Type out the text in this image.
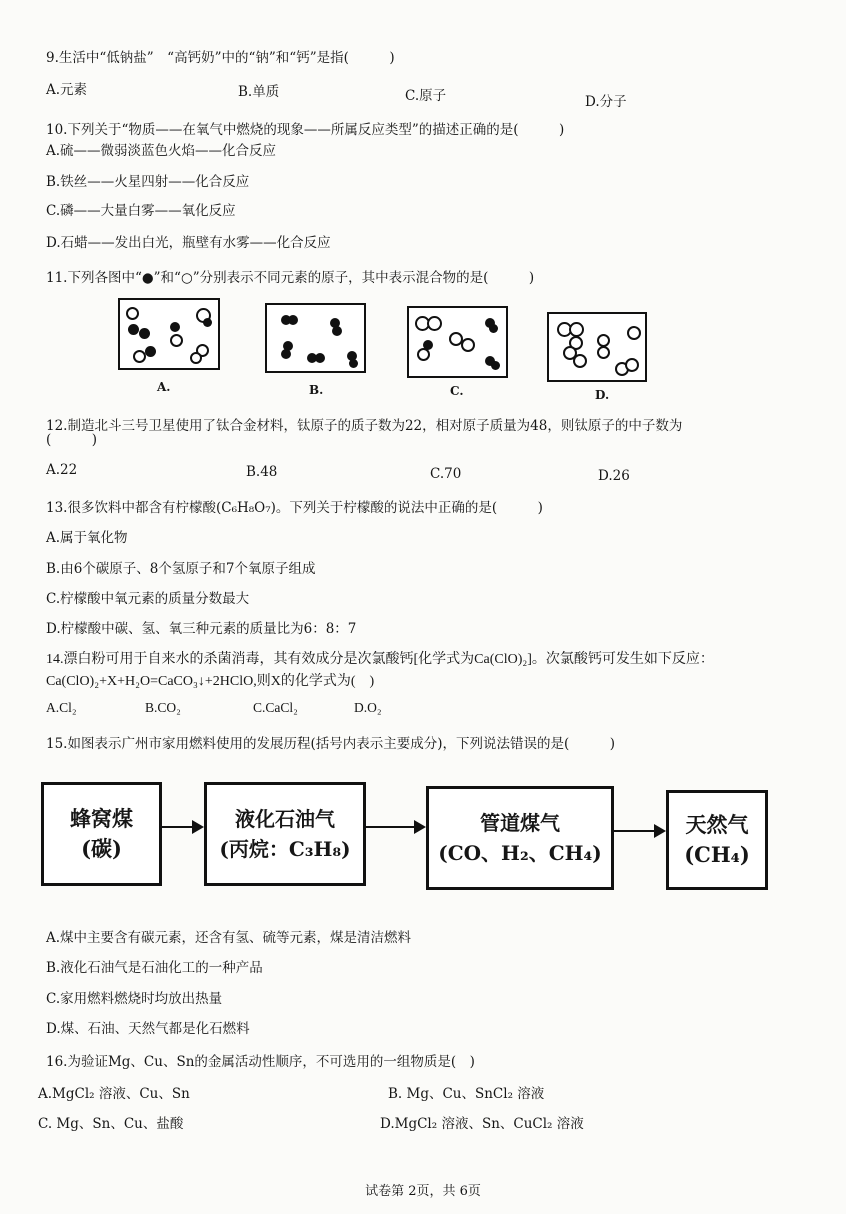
9.生活中“低钠盐”　“高钙奶”中的“钠”和“钙”是指(　　　)
A.元素	B.单质	C.原子	D.分子
10.下列关于“物质——在氧气中燃烧的现象——所属反应类型”的描述正确的是(　　　)
A.硫——微弱淡蓝色火焰——化合反应
B.铁丝——火星四射——化合反应
C.磷——大量白雾——氧化反应
D.石蜡——发出白光，瓶壁有水雾——化合反应
11.下列各图中“●”和“○”分别表示不同元素的原子，其中表示混合物的是(　　　)
A.	B.	C.	D.
12.制造北斗三号卫星使用了钛合金材料，钛原子的质子数为22，相对原子质量为48，则钛原子的中子数为
(　　　)
A.22	B.48	C.70	D.26
13.很多饮料中都含有柠檬酸(C₆H₈O₇)。下列关于柠檬酸的说法中正确的是(　　　)
A.属于氧化物
B.由6个碳原子、8个氢原子和7个氧原子组成
C.柠檬酸中氧元素的质量分数最大
D.柠檬酸中碳、氢、氧三种元素的质量比为6：8：7
14.漂白粉可用于自来水的杀菌消毒，其有效成分是次氯酸钙[化学式为Ca(ClO)₂]。次氯酸钙可发生如下反应：
Ca(ClO)₂+X+H₂O=CaCO₃↓+2HClO,则X的化学式为(　)
A.Cl₂	B.CO₂	C.CaCl₂	D.O₂
15.如图表示广州市家用燃料使用的发展历程(括号内表示主要成分)，下列说法错误的是(　　　)
蜂窝煤
(碳)
液化石油气
(丙烷：C₃H₈)
管道煤气
(CO、H₂、CH₄)
天然气
(CH₄)
A.煤中主要含有碳元素，还含有氢、硫等元素，煤是清洁燃料
B.液化石油气是石油化工的一种产品
C.家用燃料燃烧时均放出热量
D.煤、石油、天然气都是化石燃料
16.为验证Mg、Cu、Sn的金属活动性顺序，不可选用的一组物质是(　)
A.MgCl₂ 溶液、Cu、Sn	B. Mg、Cu、SnCl₂ 溶液
C. Mg、Sn、Cu、盐酸	D.MgCl₂ 溶液、Sn、CuCl₂ 溶液
试卷第 2页，共 6页
